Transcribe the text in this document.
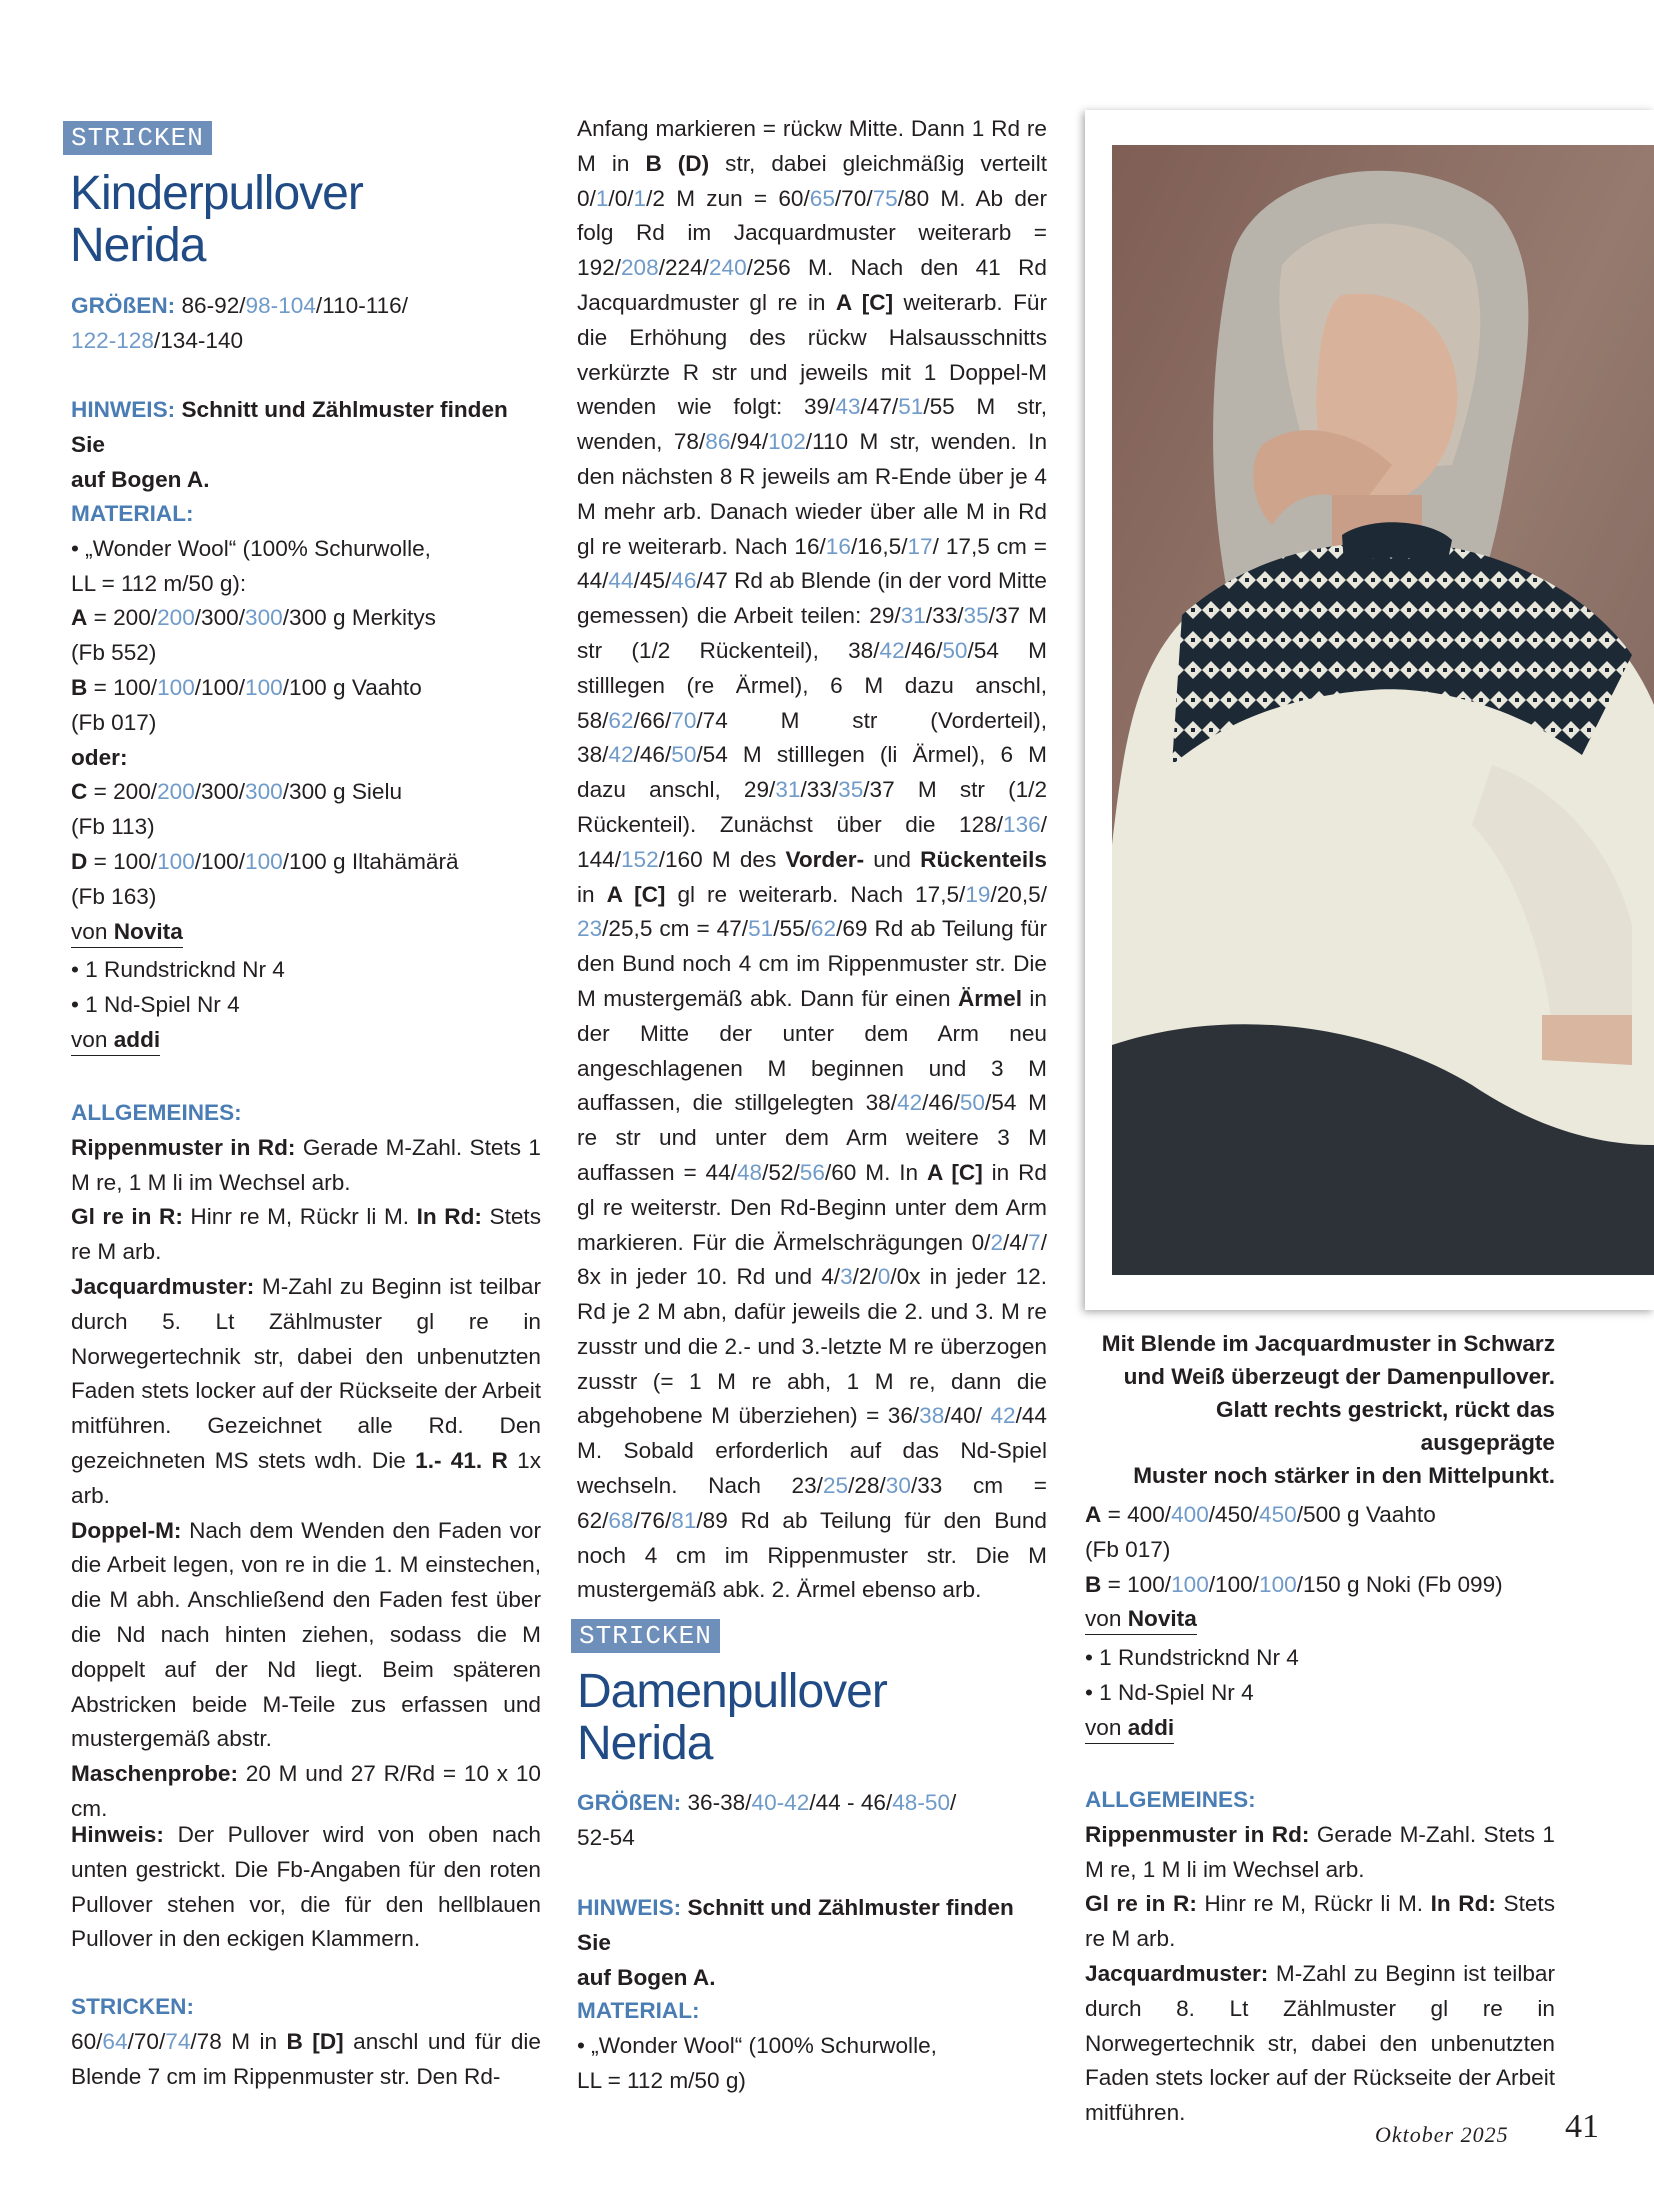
STRICKEN
Kinderpullover
Nerida

GRÖßEN: 86-92/98-104/110-116/
122-128/134-140

HINWEIS: Schnitt und Zählmuster finden Sie
auf Bogen A.

MATERIAL:

• „Wonder Wool“ (100% Schurwolle,

LL = 112 m/50 g):

A = 200/200/300/300/300 g Merkitys

(Fb 552)

B = 100/100/100/100/100 g Vaahto

(Fb 017)

oder:

C = 200/200/300/300/300 g Sielu

(Fb 113)

D = 100/100/100/100/100 g Iltahämärä

(Fb 163)

von Novita

• 1 Rundstricknd Nr 4

• 1 Nd-Spiel Nr 4

von addi

ALLGEMEINES:

Rippenmuster in Rd: Gerade M-Zahl. Stets 1 M re, 1 M li im Wechsel arb.

Gl re in R: Hinr re M, Rückr li M. In Rd: Stets re M arb.

Jacquardmuster: M-Zahl zu Beginn ist teilbar durch 5. Lt Zählmuster gl re in Norwegertechnik str, dabei den unbenutzten Faden stets locker auf der Rückseite der Arbeit mitführen. Gezeichnet alle Rd. Den gezeichneten MS stets wdh. Die 1.- 41. R 1x arb.

Doppel-M: Nach dem Wenden den Faden vor die Arbeit legen, von re in die 1. M einstechen, die M abh. Anschließend den Faden fest über die Nd nach hinten ziehen, sodass die M doppelt auf der Nd liegt. Beim späteren Abstricken beide M-Teile zus erfassen und mustergemäß abstr.

Maschenprobe: 20 M und 27 R/Rd = 10 x 10 cm.

Hinweis: Der Pullover wird von oben nach unten gestrickt. Die Fb-Angaben für den roten Pullover stehen vor, die für den hellblauen Pullover in den eckigen Klammern.

STRICKEN:

60/64/70/74/78 M in B [D] anschl und für die Blende 7 cm im Rippenmuster str. Den Rd-

Anfang markieren = rückw Mitte. Dann 1 Rd re M in B (D) str, dabei gleichmäßig verteilt 0/1/0/1/2 M zun = 60/65/70/75/80 M. Ab der folg Rd im Jacquardmuster weiterarb = 192/208/224/240/256 M. Nach den 41 Rd Jacquardmuster gl re in A [C] weiterarb. Für die Erhöhung des rückw Halsausschnitts verkürzte R str und jeweils mit 1 Doppel-M wenden wie folgt: 39/43/47/51/55 M str, wenden, 78/86/94/102/110 M str, wenden. In den nächsten 8 R jeweils am R-Ende über je 4 M mehr arb. Danach wieder über alle M in Rd gl re weiterarb. Nach 16/16/16,5/17/ 17,5 cm = 44/44/45/46/47 Rd ab Blende (in der vord Mitte gemessen) die Arbeit teilen: 29/31/33/35/37 M str (1/2 Rückenteil), 38/42/46/50/54 M stilllegen (re Ärmel), 6 M dazu anschl, 58/62/66/70/74 M str (Vorderteil), 38/42/46/50/54 M stilllegen (li Ärmel), 6 M dazu anschl, 29/31/33/35/37 M str (1/2 Rückenteil). Zunächst über die 128/136/ 144/152/160 M des Vorder- und Rückenteils in A [C] gl re weiterarb. Nach 17,5/19/20,5/ 23/25,5 cm = 47/51/55/62/69 Rd ab Teilung für den Bund noch 4 cm im Rippenmuster str. Die M mustergemäß abk. Dann für einen Ärmel in der Mitte der unter dem Arm neu angeschlagenen M beginnen und 3 M auffassen, die stillgelegten 38/42/46/50/54 M re str und unter dem Arm weitere 3 M auffassen = 44/48/52/56/60 M. In A [C] in Rd gl re weiterstr. Den Rd-Beginn unter dem Arm markieren. Für die Ärmelschrägungen 0/2/4/7/ 8x in jeder 10. Rd und 4/3/2/0/0x in jeder 12. Rd je 2 M abn, dafür jeweils die 2. und 3. M re zusstr und die 2.- und 3.-letzte M re überzogen zusstr (= 1 M re abh, 1 M re, dann die abgehobene M überziehen) = 36/38/40/ 42/44 M. Sobald erforderlich auf das Nd-Spiel wechseln. Nach 23/25/28/30/33 cm = 62/68/76/81/89 Rd ab Teilung für den Bund noch 4 cm im Rippenmuster str. Die M mustergemäß abk. 2. Ärmel ebenso arb.

STRICKEN
Damenpullover
Nerida

GRÖßEN: 36-38/40-42/44 - 46/48-50/
52-54

HINWEIS: Schnitt und Zählmuster finden Sie
auf Bogen A.

MATERIAL:

• „Wonder Wool“ (100% Schurwolle,

LL = 112 m/50 g)

Mit Blende im Jacquardmuster in Schwarz
und Weiß überzeugt der Damenpullover.
Glatt rechts gestrickt, rückt das ausgeprägte
Muster noch stärker in den Mittelpunkt.

A = 400/400/450/450/500 g Vaahto

(Fb 017)

B = 100/100/100/100/150 g Noki (Fb 099)

von Novita

• 1 Rundstricknd Nr 4

• 1 Nd-Spiel Nr 4

von addi

ALLGEMEINES:

Rippenmuster in Rd: Gerade M-Zahl. Stets 1 M re, 1 M li im Wechsel arb.

Gl re in R: Hinr re M, Rückr li M. In Rd: Stets re M arb.

Jacquardmuster: M-Zahl zu Beginn ist teilbar durch 8. Lt Zählmuster gl re in Norwegertechnik str, dabei den unbenutzten Faden stets locker auf der Rückseite der Arbeit mitführen.

Oktober 2025 41
